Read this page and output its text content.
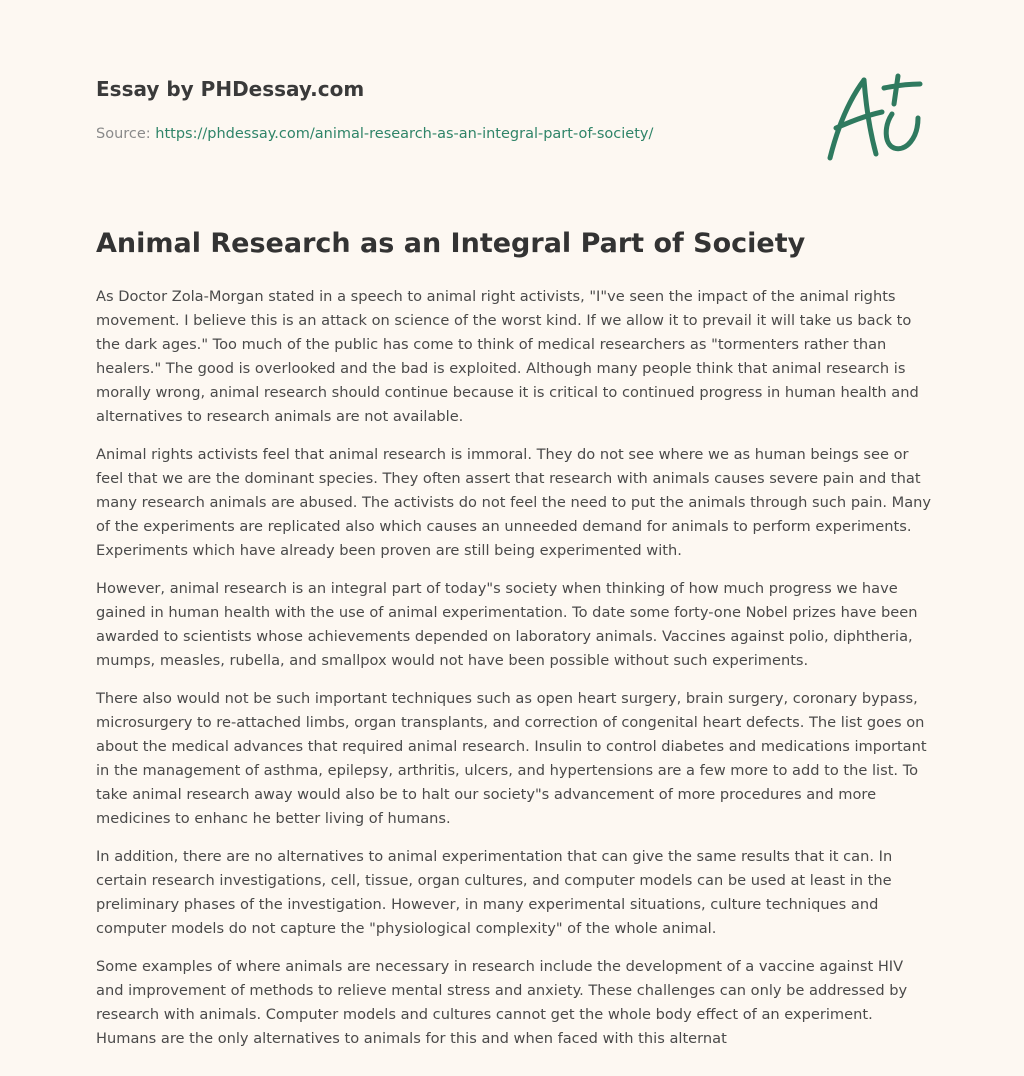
Essay by PHDessay.com
Source: https://phdessay.com/animal-research-as-an-integral-part-of-society/
Animal Research as an Integral Part of Society

As Doctor Zola-Morgan stated in a speech to animal right activists, "I"ve seen the impact of the animal rights movement. I believe this is an attack on science of the worst kind. If we allow it to prevail it will take us back to the dark ages." Too much of the public has come to think of medical researchers as "tormenters rather than healers." The good is overlooked and the bad is exploited. Although many people think that animal research is morally wrong, animal research should continue because it is critical to continued progress in human health and alternatives to research animals are not available.

Animal rights activists feel that animal research is immoral. They do not see where we as human beings see or feel that we are the dominant species. They often assert that research with animals causes severe pain and that many research animals are abused. The activists do not feel the need to put the animals through such pain. Many of the experiments are replicated also which causes an unneeded demand for animals to perform experiments. Experiments which have already been proven are still being experimented with.

However, animal research is an integral part of today"s society when thinking of how much progress we have gained in human health with the use of animal experimentation. To date some forty-one Nobel prizes have been awarded to scientists whose achievements depended on laboratory animals. Vaccines against polio, diphtheria, mumps, measles, rubella, and smallpox would not have been possible without such experiments.

There also would not be such important techniques such as open heart surgery, brain surgery, coronary bypass, microsurgery to re-attached limbs, organ transplants, and correction of congenital heart defects. The list goes on about the medical advances that required animal research. Insulin to control diabetes and medications important in the management of asthma, epilepsy, arthritis, ulcers, and hypertensions are a few more to add to the list. To take animal research away would also be to halt our society"s advancement of more procedures and more medicines to enhanc he better living of humans.

In addition, there are no alternatives to animal experimentation that can give the same results that it can. In certain research investigations, cell, tissue, organ cultures, and computer models can be used at least in the preliminary phases of the investigation. However, in many experimental situations, culture techniques and computer models do not capture the "physiological complexity" of the whole animal.

Some examples of where animals are necessary in research include the development of a vaccine against HIV and improvement of methods to relieve mental stress and anxiety. These challenges can only be addressed by research with animals. Computer models and cultures cannot get the whole body effect of an experiment. Humans are the only alternatives to animals for this and when faced with this alternat
